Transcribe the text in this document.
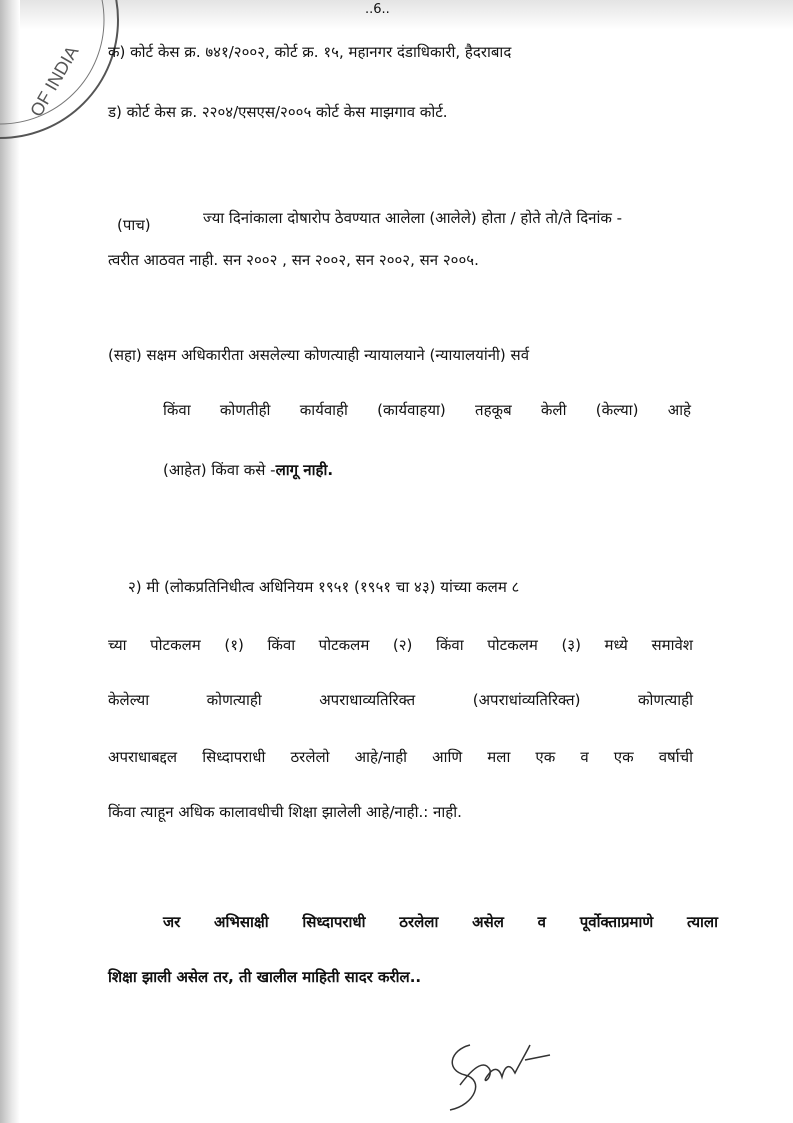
OF INDIA
..6..
क) कोर्ट केस क्र. ७४१/२००२, कोर्ट क्र. १५, महानगर दंडाधिकारी, हैदराबाद
ड) कोर्ट केस क्र. २२०४/एसएस/२००५ कोर्ट केस माझगाव कोर्ट.
(पाच)	ज्या दिनांकाला दोषारोप ठेवण्यात आलेला (आलेले) होता / होते तो/ते दिनांक -
त्वरीत आठवत नाही. सन २००२ , सन २००२, सन २००२, सन २००५.
(सहा) सक्षम अधिकारीता असलेल्या कोणत्याही न्यायालयाने (न्यायालयांनी) सर्व
किंवा कोणतीही कार्यवाही (कार्यवाहया) तहकूब केली (केल्या) आहे
(आहेत) किंवा कसे -लागू नाही.
२) मी (लोकप्रतिनिधीत्व अधिनियम १९५१ (१९५१ चा ४३) यांच्या कलम ८
च्या पोटकलम (१) किंवा पोटकलम (२) किंवा पोटकलम (३) मध्ये समावेश
केलेल्या कोणत्याही अपराधाव्यतिरिक्त (अपराधांव्यतिरिक्त) कोणत्याही
अपराधाबद्दल सिध्दापराधी ठरलेलो आहे/नाही आणि मला एक व एक वर्षाची
किंवा त्याहून अधिक कालावधीची शिक्षा झालेली आहे/नाही.: नाही.
जर अभिसाक्षी सिध्दापराधी ठरलेला असेल व पूर्वोक्ताप्रमाणे त्याला
शिक्षा झाली असेल तर, ती खालील माहिती सादर करील..
